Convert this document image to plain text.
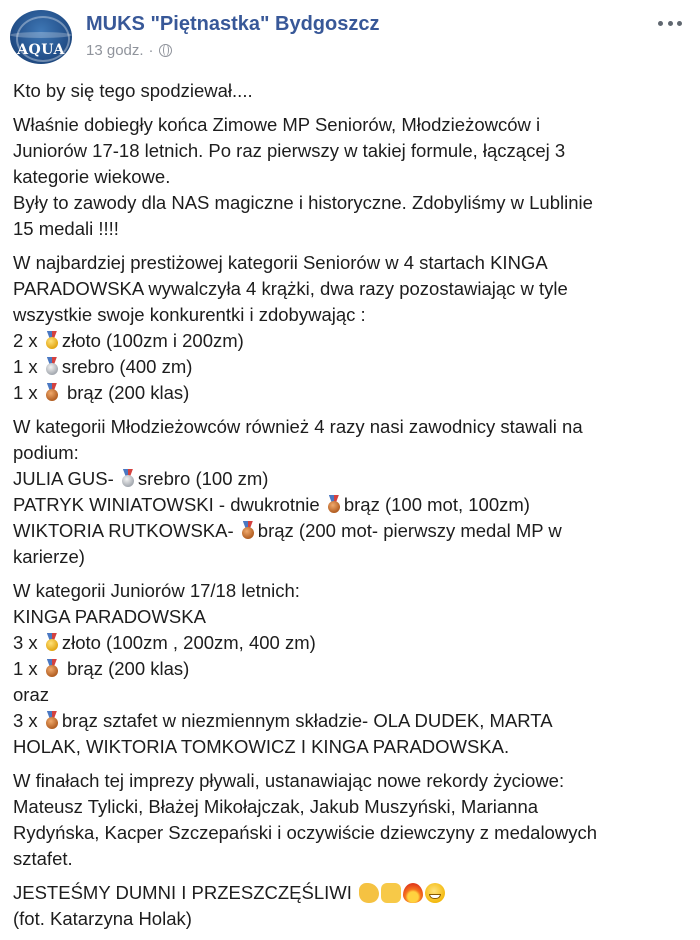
AQUA
MUKS "Piętnastka" Bydgoszcz
13 godz. ·

Kto by się tego spodziewał....

Właśnie dobiegły końca Zimowe MP Seniorów, Młodzieżowców i
Juniorów 17-18 letnich. Po raz pierwszy w takiej formule, łączącej 3
kategorie wiekowe.
Były to zawody dla NAS magiczne i historyczne. Zdobyliśmy w Lublinie
15 medali !!!!

W najbardziej prestiżowej kategorii Seniorów w 4 startach KINGA
PARADOWSKA wywalczyła 4 krążki, dwa razy pozostawiając w tyle
wszystkie swoje konkurentki i zdobywając :
2 x złoto (100zm i 200zm)
1 x srebro (400 zm)
1 x brąz (200 klas)

W kategorii Młodzieżowców również 4 razy nasi zawodnicy stawali na
podium:
JULIA GUS- srebro (100 zm)
PATRYK WINIATOWSKI - dwukrotnie brąz (100 mot, 100zm)
WIKTORIA RUTKOWSKA- brąz (200 mot- pierwszy medal MP w
karierze)

W kategorii Juniorów 17/18 letnich:
KINGA PARADOWSKA
3 x złoto (100zm , 200zm, 400 zm)
1 x brąz (200 klas)
oraz
3 x brąz sztafet w niezmiennym składzie- OLA DUDEK, MARTA
HOLAK, WIKTORIA TOMKOWICZ I KINGA PARADOWSKA.

W finałach tej imprezy pływali, ustanawiając nowe rekordy życiowe:
Mateusz Tylicki, Błażej Mikołajczak, Jakub Muszyński, Marianna
Rydyńska, Kacper Szczepański i oczywiście dziewczyny z medalowych
sztafet.

JESTEŚMY DUMNI I PRZESZCZĘŚLIWI
(fot. Katarzyna Holak)
